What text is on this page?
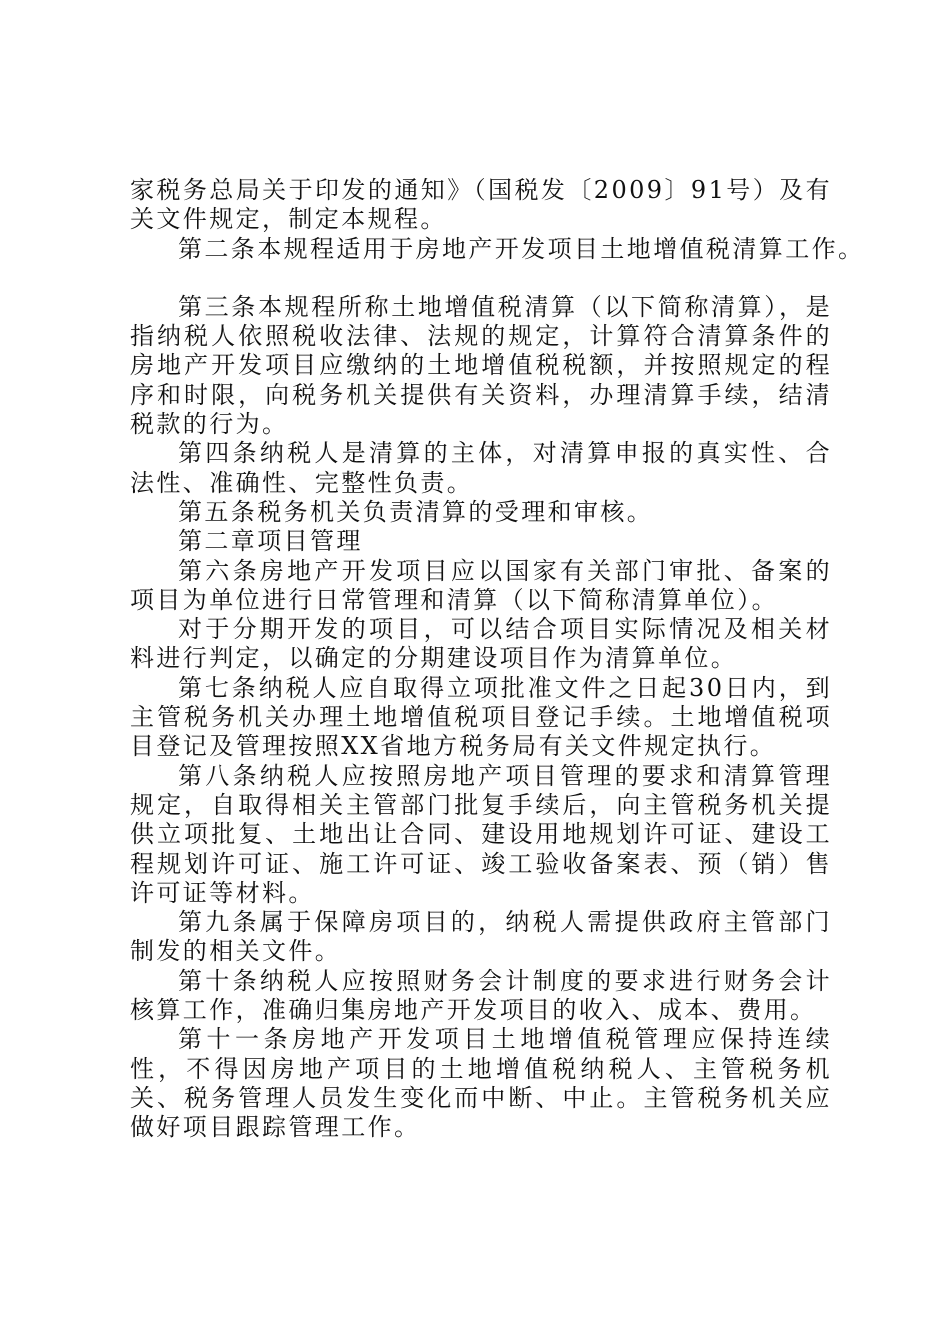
家税务总局关于印发的通知》（国税发〔2009〕91号）及有关文件规定，制定本规程。

第二条本规程适用于房地产开发项目土地增值税清算工作。

第三条本规程所称土地增值税清算（以下简称清算），是指纳税人依照税收法律、法规的规定，计算符合清算条件的房地产开发项目应缴纳的土地增值税税额，并按照规定的程序和时限，向税务机关提供有关资料，办理清算手续，结清税款的行为。

第四条纳税人是清算的主体，对清算申报的真实性、合法性、准确性、完整性负责。

第五条税务机关负责清算的受理和审核。

第二章项目管理

第六条房地产开发项目应以国家有关部门审批、备案的项目为单位进行日常管理和清算（以下简称清算单位）。

对于分期开发的项目，可以结合项目实际情况及相关材料进行判定，以确定的分期建设项目作为清算单位。

第七条纳税人应自取得立项批准文件之日起30日内，到主管税务机关办理土地增值税项目登记手续。土地增值税项目登记及管理按照XX省地方税务局有关文件规定执行。

第八条纳税人应按照房地产项目管理的要求和清算管理规定，自取得相关主管部门批复手续后，向主管税务机关提供立项批复、土地出让合同、建设用地规划许可证、建设工程规划许可证、施工许可证、竣工验收备案表、预（销）售许可证等材料。

第九条属于保障房项目的，纳税人需提供政府主管部门制发的相关文件。

第十条纳税人应按照财务会计制度的要求进行财务会计核算工作，准确归集房地产开发项目的收入、成本、费用。

第十一条房地产开发项目土地增值税管理应保持连续性，不得因房地产项目的土地增值税纳税人、主管税务机关、税务管理人员发生变化而中断、中止。主管税务机关应做好项目跟踪管理工作。
